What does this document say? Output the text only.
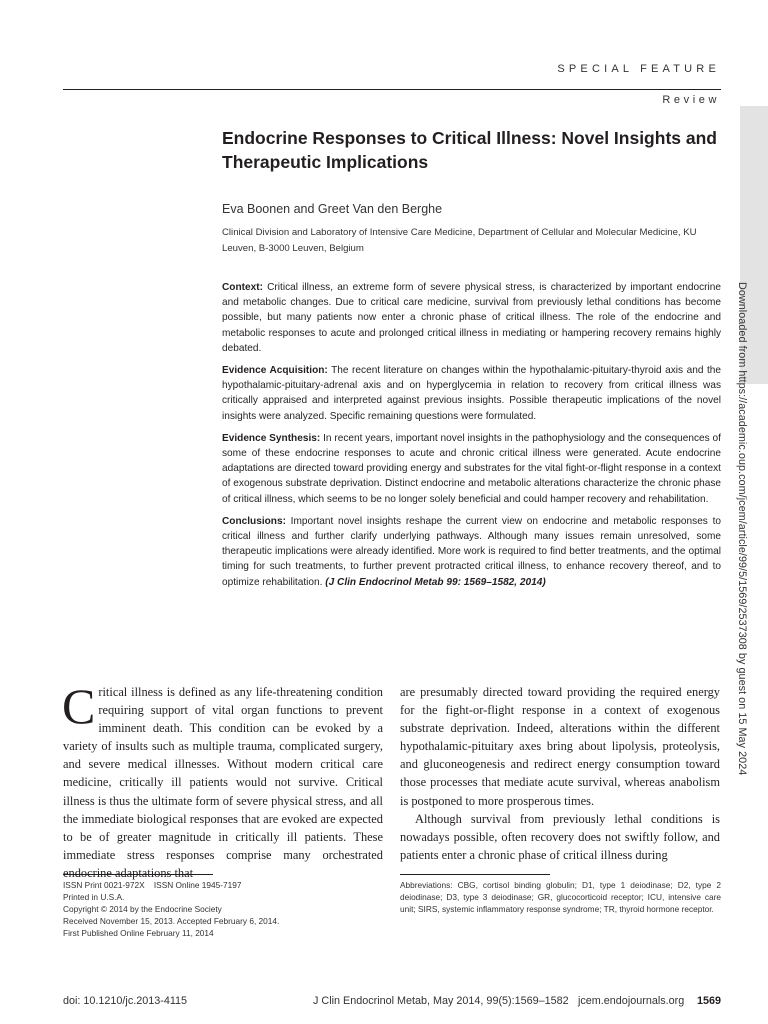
SPECIAL FEATURE
Review
Endocrine Responses to Critical Illness: Novel Insights and Therapeutic Implications
Eva Boonen and Greet Van den Berghe
Clinical Division and Laboratory of Intensive Care Medicine, Department of Cellular and Molecular Medicine, KU Leuven, B-3000 Leuven, Belgium

Context: Critical illness, an extreme form of severe physical stress, is characterized by important endocrine and metabolic changes. Due to critical care medicine, survival from previously lethal conditions has become possible, but many patients now enter a chronic phase of critical illness. The role of the endocrine and metabolic responses to acute and prolonged critical illness in mediating or hampering recovery remains highly debated.

Evidence Acquisition: The recent literature on changes within the hypothalamic-pituitary-thyroid axis and the hypothalamic-pituitary-adrenal axis and on hyperglycemia in relation to recovery from critical illness was critically appraised and interpreted against previous insights. Possible therapeutic implications of the novel insights were analyzed. Specific remaining questions were formulated.

Evidence Synthesis: In recent years, important novel insights in the pathophysiology and the consequences of some of these endocrine responses to acute and chronic critical illness were generated. Acute endocrine adaptations are directed toward providing energy and substrates for the vital fight-or-flight response in a context of exogenous substrate deprivation. Distinct endocrine and metabolic alterations characterize the chronic phase of critical illness, which seems to be no longer solely beneficial and could hamper recovery and rehabilitation.

Conclusions: Important novel insights reshape the current view on endocrine and metabolic responses to critical illness and further clarify underlying pathways. Although many issues remain unresolved, some therapeutic implications were already identified. More work is required to find better treatments, and the optimal timing for such treatments, to further prevent protracted critical illness, to enhance recovery thereof, and to optimize rehabilitation. (J Clin Endocrinol Metab 99: 1569–1582, 2014)	Downloaded from https://academic.oup.com/jcem/article/99/5/1569/2537308 by guest on 15 May 2024

Critical illness is defined as any life-threatening condition requiring support of vital organ functions to prevent imminent death. This condition can be evoked by a variety of insults such as multiple trauma, complicated surgery, and severe medical illnesses. Without modern critical care medicine, critically ill patients would not survive. Critical illness is thus the ultimate form of severe physical stress, and all the immediate biological responses that are evoked are expected to be of greater magnitude in critically ill patients. These immediate stress responses comprise many orchestrated endocrine adaptations that

are presumably directed toward providing the required energy for the fight-or-flight response in a context of exogenous substrate deprivation. Indeed, alterations within the different hypothalamic-pituitary axes bring about lipolysis, proteolysis, and gluconeogenesis and redirect energy consumption toward those processes that mediate acute survival, whereas anabolism is postponed to more prosperous times.

Although survival from previously lethal conditions is nowadays possible, often recovery does not swiftly follow, and patients enter a chronic phase of critical illness during

ISSN Print 0021-972X    ISSN Online 1945-7197
Printed in U.S.A.
Copyright © 2014 by the Endocrine Society
Received November 15, 2013. Accepted February 6, 2014.
First Published Online February 11, 2014
Abbreviations: CBG, cortisol binding globulin; D1, type 1 deiodinase; D2, type 2 deiodinase; D3, type 3 deiodinase; GR, glucocorticoid receptor; ICU, intensive care unit; SIRS, systemic inflammatory response syndrome; TR, thyroid hormone receptor.
doi: 10.1210/jc.2013-4115	J Clin Endocrinol Metab, May 2014, 99(5):1569–1582 jcem.endojournals.org 1569
